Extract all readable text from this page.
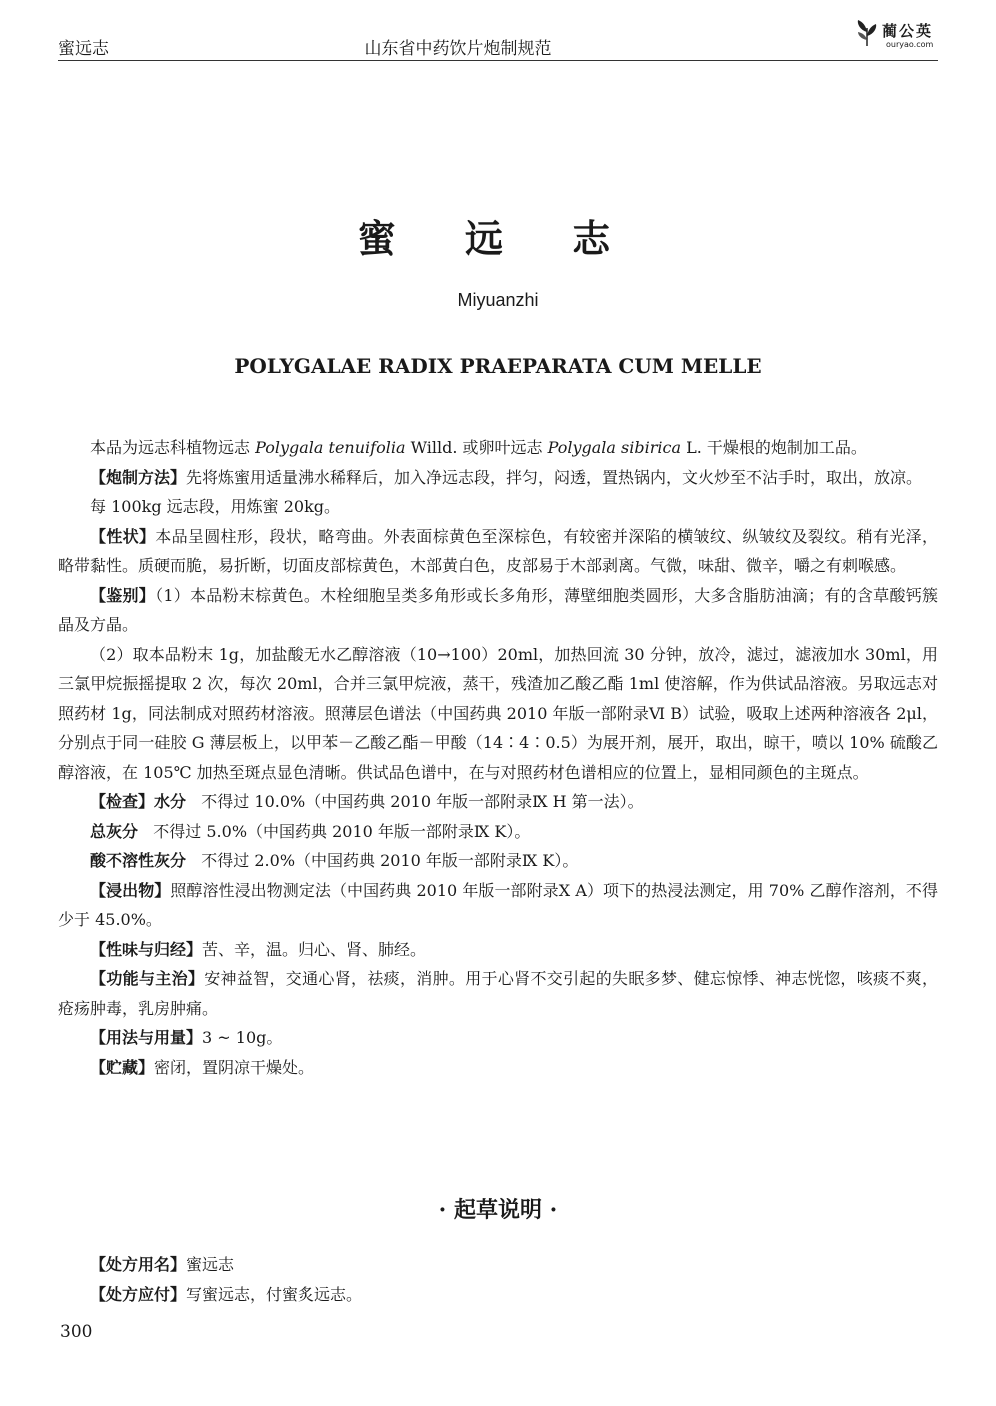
蜜远志	山东省中药饮片炮制规范
蔺公英
ouryao.com
蜜 远 志
Miyuanzhi
POLYGALAE RADIX PRAEPARATA CUM MELLE

本品为远志科植物远志 Polygala tenuifolia Willd. 或卵叶远志 Polygala sibirica L. 干燥根的炮制加工品。

【炮制方法】先将炼蜜用适量沸水稀释后，加入净远志段，拌匀，闷透，置热锅内，文火炒至不沾手时，取出，放凉。

每 100kg 远志段，用炼蜜 20kg。

【性状】本品呈圆柱形，段状，略弯曲。外表面棕黄色至深棕色，有较密并深陷的横皱纹、纵皱纹及裂纹。稍有光泽，略带黏性。质硬而脆，易折断，切面皮部棕黄色，木部黄白色，皮部易于木部剥离。气微，味甜、微辛，嚼之有刺喉感。

【鉴别】（1）本品粉末棕黄色。木栓细胞呈类多角形或长多角形，薄壁细胞类圆形，大多含脂肪油滴；有的含草酸钙簇晶及方晶。

（2）取本品粉末 1g，加盐酸无水乙醇溶液（10→100）20ml，加热回流 30 分钟，放冷，滤过，滤液加水 30ml，用三氯甲烷振摇提取 2 次，每次 20ml，合并三氯甲烷液，蒸干，残渣加乙酸乙酯 1ml 使溶解，作为供试品溶液。另取远志对照药材 1g，同法制成对照药材溶液。照薄层色谱法（中国药典 2010 年版一部附录Ⅵ B）试验，吸取上述两种溶液各 2μl，分别点于同一硅胶 G 薄层板上，以甲苯－乙酸乙酯－甲酸（14∶4∶0.5）为展开剂，展开，取出，晾干，喷以 10% 硫酸乙醇溶液，在 105℃ 加热至斑点显色清晰。供试品色谱中，在与对照药材色谱相应的位置上，显相同颜色的主斑点。

【检查】水分 不得过 10.0%（中国药典 2010 年版一部附录Ⅸ H 第一法）。

总灰分 不得过 5.0%（中国药典 2010 年版一部附录Ⅸ K）。

酸不溶性灰分 不得过 2.0%（中国药典 2010 年版一部附录Ⅸ K）。

【浸出物】照醇溶性浸出物测定法（中国药典 2010 年版一部附录Ⅹ A）项下的热浸法测定，用 70% 乙醇作溶剂，不得少于 45.0%。

【性味与归经】苦、辛，温。归心、肾、肺经。

【功能与主治】安神益智，交通心肾，祛痰，消肿。用于心肾不交引起的失眠多梦、健忘惊悸、神志恍惚，咳痰不爽，疮疡肿毒，乳房肿痛。

【用法与用量】3 ~ 10g。

【贮藏】密闭，置阴凉干燥处。

· 起草说明 ·

【处方用名】蜜远志

【处方应付】写蜜远志，付蜜炙远志。

300
